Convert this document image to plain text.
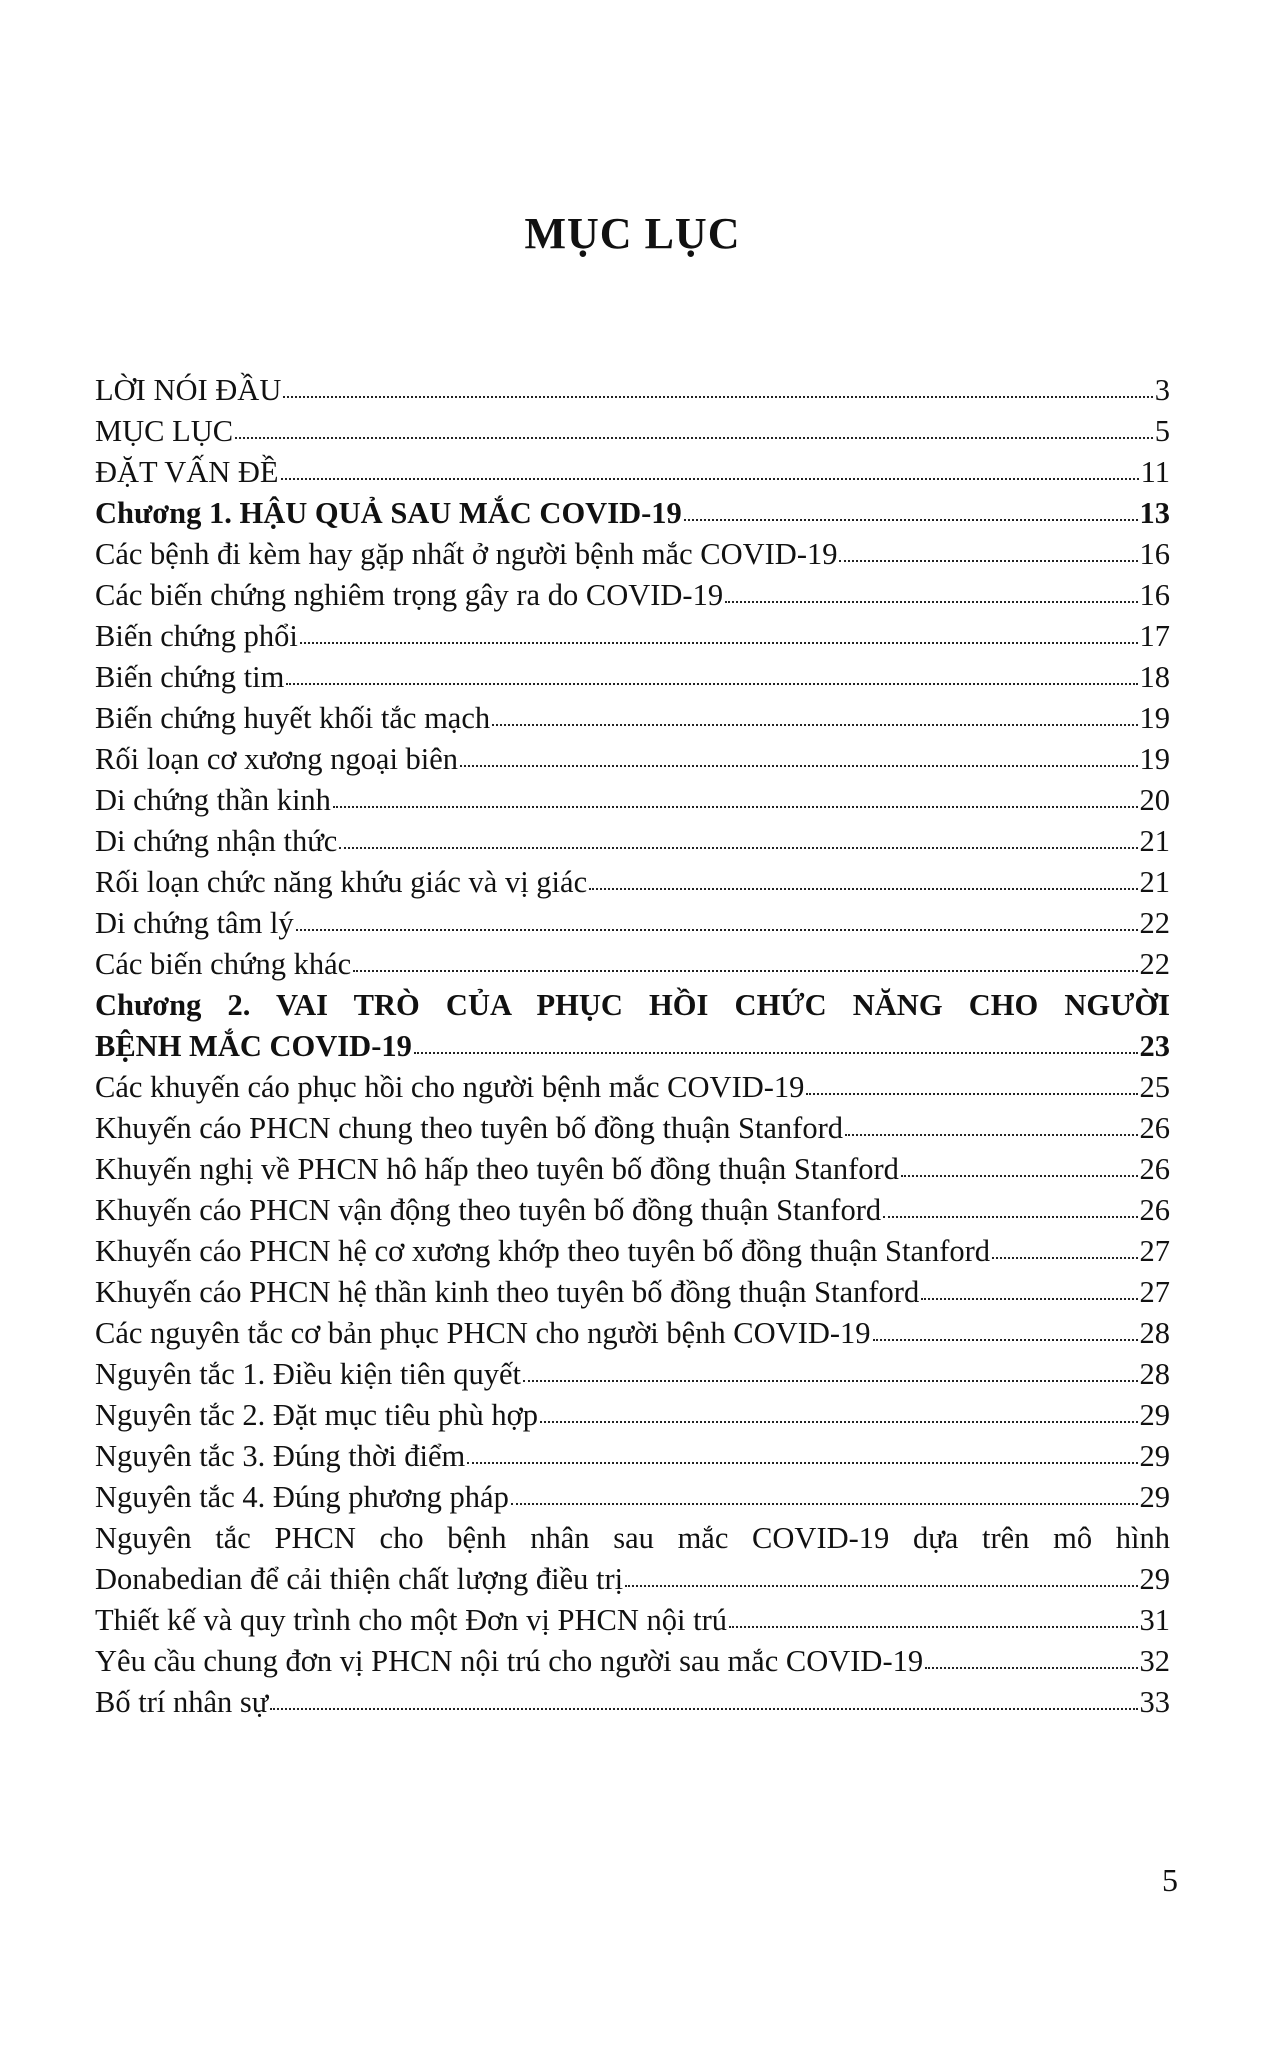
MỤC LỤC
LỜI NÓI ĐẦU	3
MỤC LỤC	5
ĐẶT VẤN ĐỀ	11
Chương 1. HẬU QUẢ SAU MẮC COVID-19	13
Các bệnh đi kèm hay gặp nhất ở người bệnh mắc COVID-19	16
Các biến chứng nghiêm trọng gây ra do COVID-19	16
Biến chứng phổi	17
Biến chứng tim	18
Biến chứng huyết khối tắc mạch	19
Rối loạn cơ xương ngoại biên	19
Di chứng thần kinh	20
Di chứng nhận thức	21
Rối loạn chức năng khứu giác và vị giác	21
Di chứng tâm lý	22
Các biến chứng khác	22
Chương 2. VAI TRÒ CỦA PHỤC HỒI CHỨC NĂNG CHO NGƯỜI
BỆNH MẮC COVID-19	23
Các khuyến cáo phục hồi cho người bệnh mắc COVID-19	25
Khuyến cáo PHCN chung theo tuyên bố đồng thuận Stanford	26
Khuyến nghị về PHCN hô hấp theo tuyên bố đồng thuận Stanford	26
Khuyến cáo PHCN vận động theo tuyên bố đồng thuận Stanford	26
Khuyến cáo PHCN hệ cơ xương khớp theo tuyên bố đồng thuận Stanford	27
Khuyến cáo PHCN hệ thần kinh theo tuyên bố đồng thuận Stanford	27
Các nguyên tắc cơ bản phục PHCN cho người bệnh COVID-19	28
Nguyên tắc 1. Điều kiện tiên quyết	28
Nguyên tắc 2. Đặt mục tiêu phù hợp	29
Nguyên tắc 3. Đúng thời điểm	29
Nguyên tắc 4. Đúng phương pháp	29
Nguyên tắc PHCN cho bệnh nhân sau mắc COVID-19 dựa trên mô hình
Donabedian để cải thiện chất lượng điều trị	29
Thiết kế và quy trình cho một Đơn vị PHCN nội trú	31
Yêu cầu chung đơn vị PHCN nội trú cho người sau mắc COVID-19	32
Bố trí nhân sự	33
5
